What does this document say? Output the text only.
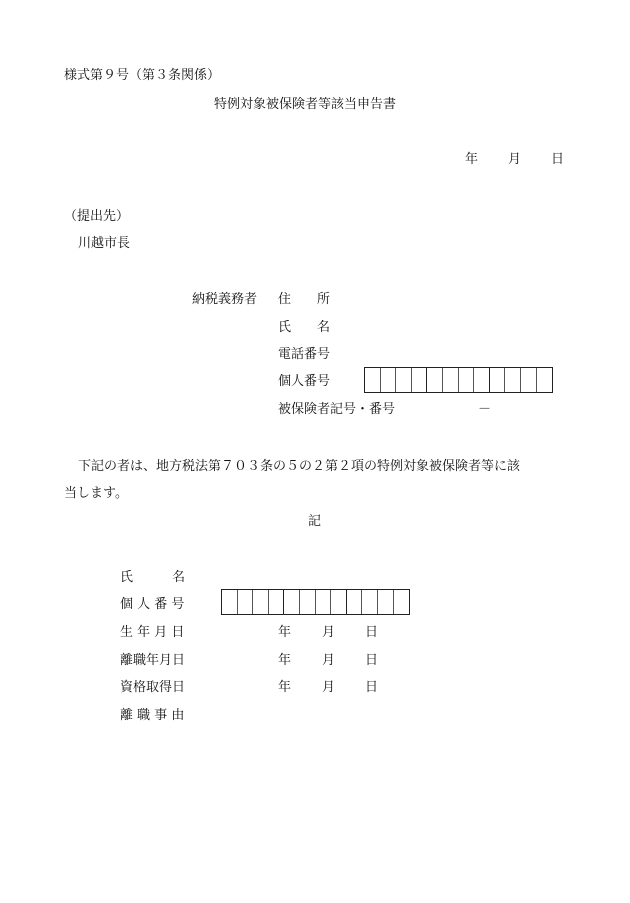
様式第９号（第３条関係）
特例対象被保険者等該当申告書
年 月 日
（提出先）
川越市長
納税義務者 住　　所
氏　　名
電話番号
個人番号
被保険者記号・番号	－
下記の者は、地方税法第７０３条の５の２第２項の特例対象被保険者等に該
当します。
記
氏　　　名
個 人 番 号
生 年 月 日	年 月 日
離職年月日	年 月 日
資格取得日	年 月 日
離 職 事 由
